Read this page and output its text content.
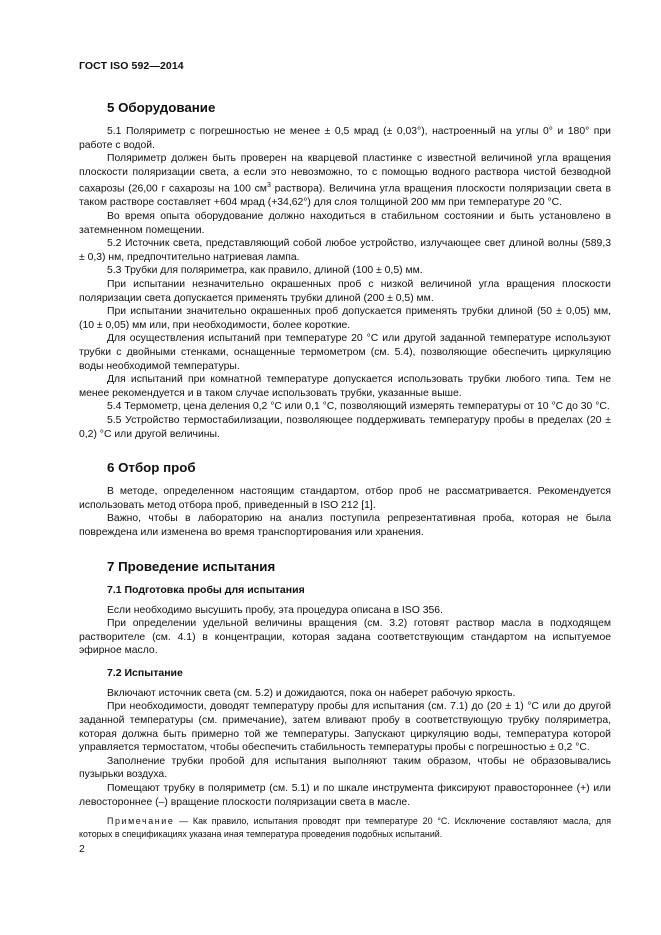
ГОСТ ISO 592—2014
5 Оборудование

5.1 Поляриметр с погрешностью не менее ± 0,5 мрад (± 0,03°), настроенный на углы 0° и 180° при работе с водой.

Поляриметр должен быть проверен на кварцевой пластинке с известной величиной угла вращения плоскости поляризации света, а если это невозможно, то с помощью водного раствора чистой безводной сахарозы (26,00 г сахарозы на 100 $см^3$ раствора). Величина угла вращения плоскости поляризации света в таком растворе составляет +604 мрад (+34,62°) для слоя толщиной 200 мм при температуре 20 °С.

Во время опыта оборудование должно находиться в стабильном состоянии и быть установлено в затемненном помещении.

5.2 Источник света, представляющий собой любое устройство, излучающее свет длиной волны (589,3 ± 0,3) нм, предпочтительно натриевая лампа.

5.3 Трубки для поляриметра, как правило, длиной (100 ± 0,5) мм.

При испытании незначительно окрашенных проб с низкой величиной угла вращения плоскости поляризации света допускается применять трубки длиной (200 ± 0,5) мм.

При испытании значительно окрашенных проб допускается применять трубки длиной (50 ± 0,05) мм, (10 ± 0,05) мм или, при необходимости, более короткие.

Для осуществления испытаний при температуре 20 °С или другой заданной температуре используют трубки с двойными стенками, оснащенные термометром (см. 5.4), позволяющие обеспечить циркуляцию воды необходимой температуры.

Для испытаний при комнатной температуре допускается использовать трубки любого типа. Тем не менее рекомендуется и в таком случае использовать трубки, указанные выше.

5.4 Термометр, цена деления 0,2 °С или 0,1 °С, позволяющий измерять температуры от 10 °С до 30 °С.

5.5 Устройство термостабилизации, позволяющее поддерживать температуру пробы в пределах (20 ± 0,2) °С или другой величины.

6 Отбор проб

В методе, определенном настоящим стандартом, отбор проб не рассматривается. Рекомендуется использовать метод отбора проб, приведенный в ISO 212 [1].

Важно, чтобы в лабораторию на анализ поступила репрезентативная проба, которая не была повреждена или изменена во время транспортирования или хранения.

7 Проведение испытания
7.1 Подготовка пробы для испытания

Если необходимо высушить пробу, эта процедура описана в ISO 356.

При определении удельной величины вращения (см. 3.2) готовят раствор масла в подходящем растворителе (см. 4.1) в концентрации, которая задана соответствующим стандартом на испытуемое эфирное масло.

7.2 Испытание

Включают источник света (см. 5.2) и дожидаются, пока он наберет рабочую яркость.

При необходимости, доводят температуру пробы для испытания (см. 7.1) до (20 ± 1) °С или до другой заданной температуры (см. примечание), затем вливают пробу в соответствующую трубку поляриметра, которая должна быть примерно той же температуры. Запускают циркуляцию воды, температура которой управляется термостатом, чтобы обеспечить стабильность температуры пробы с погрешностью ± 0,2 °С.

Заполнение трубки пробой для испытания выполняют таким образом, чтобы не образовывались пузырьки воздуха.

Помещают трубку в поляриметр (см. 5.1) и по шкале инструмента фиксируют правостороннее (+) или левостороннее (–) вращение плоскости поляризации света в масле.

Примечание — Как правило, испытания проводят при температуре 20 °С. Исключение составляют масла, для которых в спецификациях указана иная температура проведения подобных испытаний.

2
